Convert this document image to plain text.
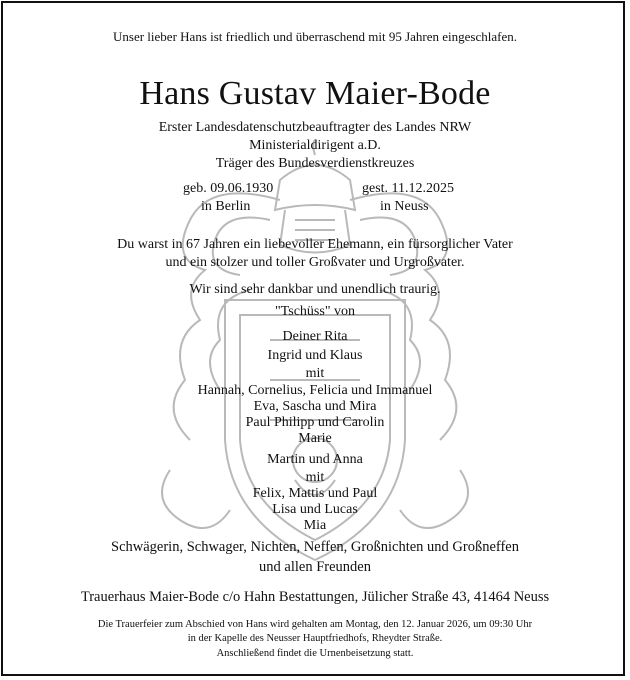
Unser lieber Hans ist friedlich und überraschend mit 95 Jahren eingeschlafen.
Hans Gustav Maier-Bode
Erster Landesdatenschutzbeauftragter des Landes NRW
Ministerialdirigent a.D.
Träger des Bundesverdienstkreuzes
geb. 09.06.1930
in Berlin
gest. 11.12.2025
in Neuss
Du warst in 67 Jahren ein liebevoller Ehemann, ein fürsorglicher Vater
und ein stolzer und toller Großvater und Urgroßvater.
Wir sind sehr dankbar und unendlich traurig.
"Tschüss" von
Deiner Rita
Ingrid und Klaus
mit
Hannah, Cornelius, Felicia und Immanuel
Eva, Sascha und Mira
Paul Philipp und Carolin
Marie
Martin und Anna
mit
Felix, Mattis und Paul
Lisa und Lucas
Mia
Schwägerin, Schwager, Nichten, Neffen, Großnichten und Großneffen
und allen Freunden
Trauerhaus Maier-Bode c/o Hahn Bestattungen, Jülicher Straße 43, 41464 Neuss
Die Trauerfeier zum Abschied von Hans wird gehalten am Montag, den 12. Januar 2026, um 09:30 Uhr
in der Kapelle des Neusser Hauptfriedhofs, Rheydter Straße.
Anschließend findet die Urnenbeisetzung statt.
